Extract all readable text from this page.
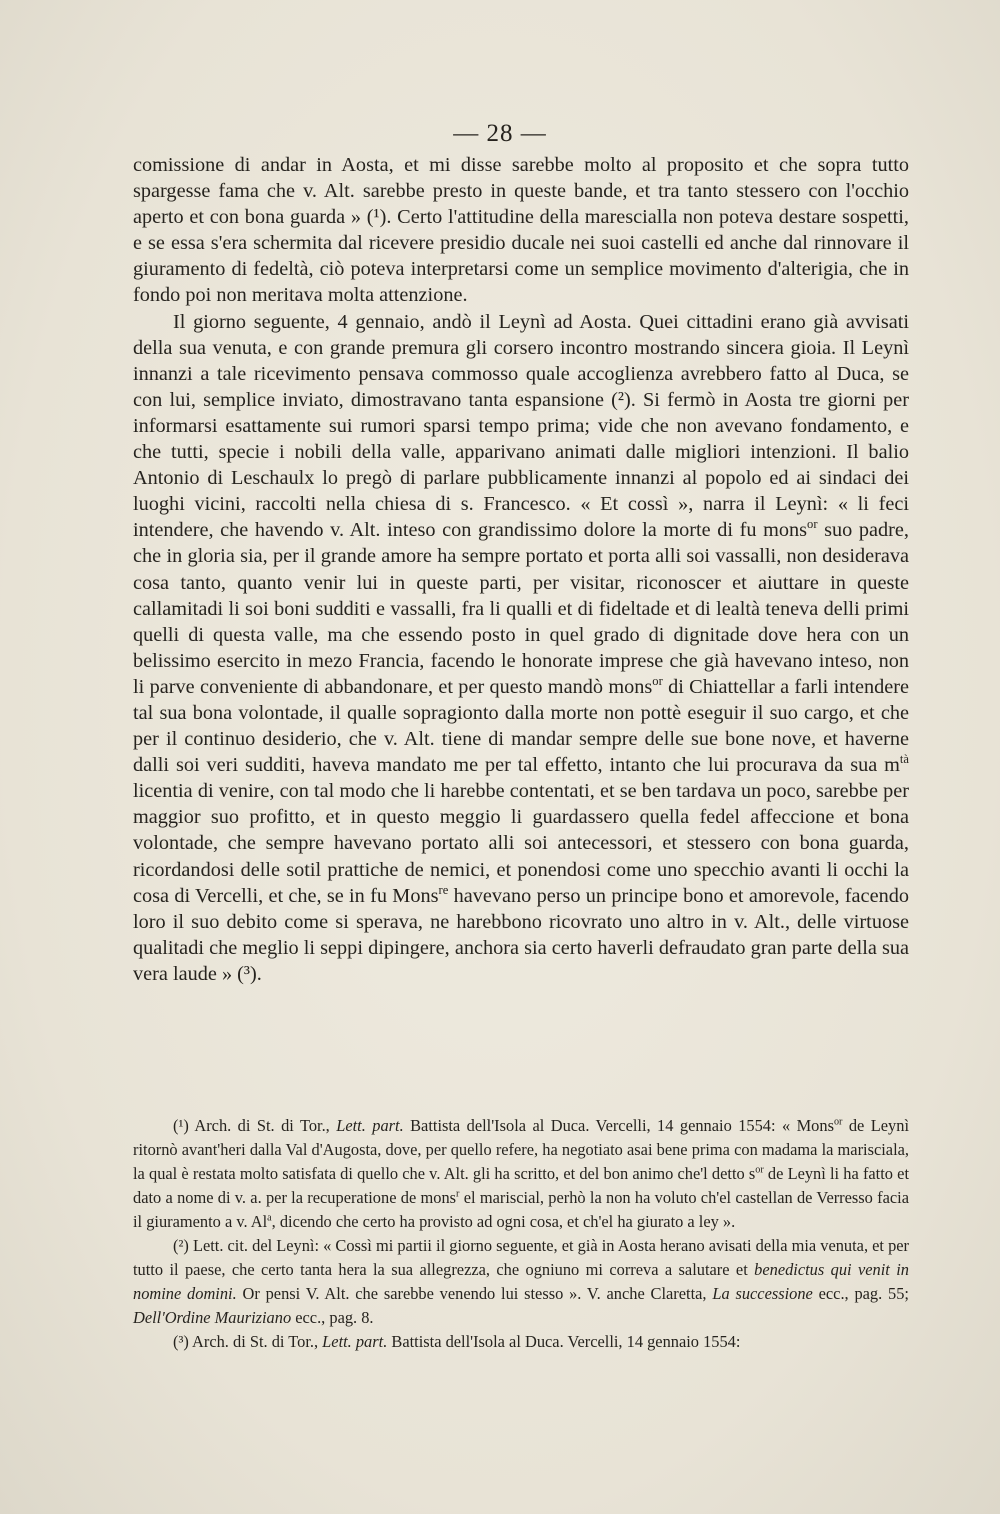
— 28 —

comissione di andar in Aosta, et mi disse sarebbe molto al proposito et che sopra tutto spargesse fama che v. Alt. sarebbe presto in queste bande, et tra tanto stessero con l'occhio aperto et con bona guarda » (¹). Certo l'attitudine della marescialla non poteva destare sospetti, e se essa s'era schermita dal ricevere presidio ducale nei suoi castelli ed anche dal rinnovare il giuramento di fedeltà, ciò poteva interpretarsi come un semplice movimento d'alterigia, che in fondo poi non meritava molta attenzione.

Il giorno seguente, 4 gennaio, andò il Leynì ad Aosta. Quei cittadini erano già avvisati della sua venuta, e con grande premura gli corsero incontro mostrando sincera gioia. Il Leynì innanzi a tale ricevimento pensava commosso quale accoglienza avrebbero fatto al Duca, se con lui, semplice inviato, dimostravano tanta espansione (²). Si fermò in Aosta tre giorni per informarsi esattamente sui rumori sparsi tempo prima; vide che non avevano fondamento, e che tutti, specie i nobili della valle, apparivano animati dalle migliori intenzioni. Il balio Antonio di Leschaulx lo pregò di parlare pubblicamente innanzi al popolo ed ai sindaci dei luoghi vicini, raccolti nella chiesa di s. Francesco. « Et cossì », narra il Leynì: « li feci intendere, che havendo v. Alt. inteso con grandissimo dolore la morte di fu mons$^{or}$ suo padre, che in gloria sia, per il grande amore ha sempre portato et porta alli soi vassalli, non desiderava cosa tanto, quanto venir lui in queste parti, per visitar, riconoscer et aiuttare in queste callamitadi li soi boni sudditi e vassalli, fra li qualli et di fideltade et di lealtà teneva delli primi quelli di questa valle, ma che essendo posto in quel grado di dignitade dove hera con un belissimo esercito in mezo Francia, facendo le honorate imprese che già havevano inteso, non li parve conveniente di abbandonare, et per questo mandò mons$^{or}$ di Chiattellar a farli intendere tal sua bona volontade, il qualle sopragionto dalla morte non pottè eseguir il suo cargo, et che per il continuo desiderio, che v. Alt. tiene di mandar sempre delle sue bone nove, et haverne dalli soi veri sudditi, haveva mandato me per tal effetto, intanto che lui procurava da sua $m^{tà}$ licentia di venire, con tal modo che li harebbe contentati, et se ben tardava un poco, sarebbe per maggior suo profitto, et in questo meggio li guardassero quella fedel affeccione et bona volontade, che sempre havevano portato alli soi antecessori, et stessero con bona guarda, ricordandosi delle sotil prattiche de nemici, et ponendosi come uno specchio avanti li occhi la cosa di Vercelli, et che, se in fu Mons$^{re}$ havevano perso un principe bono et amorevole, facendo loro il suo debito come si sperava, ne harebbono ricovrato uno altro in v. Alt., delle virtuose qualitadi che meglio li seppi dipingere, anchora sia certo haverli defraudato gran parte della sua vera laude » (³).

(¹) Arch. di St. di Tor., Lett. part. Battista dell'Isola al Duca. Vercelli, 14 gennaio 1554: « Mons$^{or}$ de Leynì ritornò avant'heri dalla Val d'Augosta, dove, per quello refere, ha negotiato asai bene prima con madama la marisciala, la qual è restata molto satisfata di quello che v. Alt. gli ha scritto, et del bon animo che'l detto $s^{or}$ de Leynì li ha fatto et dato a nome di v. a. per la recuperatione de mons$^r$ el mariscial, perhò la non ha voluto ch'el castellan de Verresso facia il giuramento a v. Al$^a$, dicendo che certo ha provisto ad ogni cosa, et ch'el ha giurato a ley ».

(²) Lett. cit. del Leynì: « Cossì mi partii il giorno seguente, et già in Aosta herano avisati della mia venuta, et per tutto il paese, che certo tanta hera la sua allegrezza, che ogniuno mi correva a salutare et benedictus qui venit in nomine domini. Or pensi V. Alt. che sarebbe venendo lui stesso ». V. anche Claretta, La successione ecc., pag. 55; Dell'Ordine Mauriziano ecc., pag. 8.

(³) Arch. di St. di Tor., Lett. part. Battista dell'Isola al Duca. Vercelli, 14 gennaio 1554:
